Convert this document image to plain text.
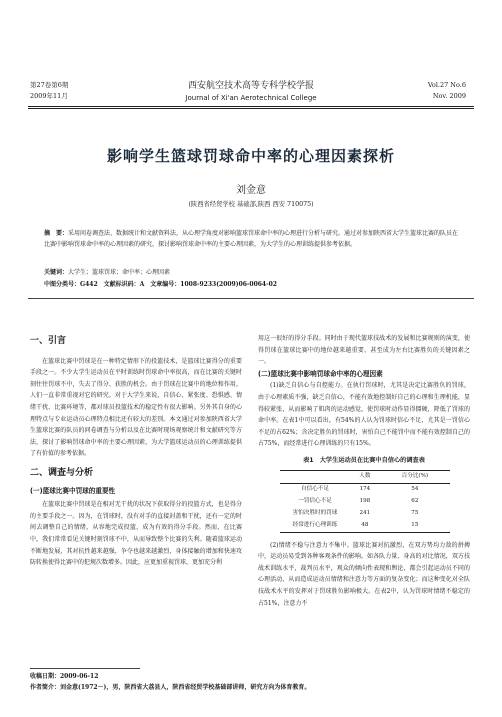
第27卷第6期
2009年11月
西安航空技术高等专科学校学报
Journal of Xi'an Aerotechnical College
Vol.27 No.6
Nov. 2009
影响学生篮球罚球命中率的心理因素探析
刘金意
(陕西省经贸学校 基础部,陕西 西安 710075)
摘　要：采用问卷调查法、数据统计和文献资料法，从心理学角度对影响篮球罚球命中率的心理进行分析与研究。通过对参加陕西省大学生篮球比赛的队员在比赛中影响罚球命中率的心理因素的研究，探讨影响罚球命中率的主要心理因素，为大学生的心理训练提供参考依据。
关键词：大学生；篮球罚球；命中率；心理因素
中图分类号：G442　文献标识码：A　文章编号：1008-9233(2009)06-0064-02
一、引言

在篮球比赛中罚球是在一种特定情形下的投篮技术，是篮球比赛得分的重要手段之一。不少大学生运动员在平时训练时罚球命中率很高，而在比赛的关键时刻往往罚球不中，失去了得分、获胜的机会。由于罚球在比赛中的地位和作用，人们一直非常重视对它的研究。对于大学生来说，自信心、紧张度、恐惧感、情绪干扰、比赛环境等，都对球员投篮技术的稳定性有很大影响。另外其自身的心理特点与专业运动员心理特点相比还有较大的差别。本文通过对参加陕西省大学生篮球比赛的队员的问卷调查与分析以及在比赛时现场观察统计和文献研究等方法，探讨了影响罚球命中率的主要心理因素，为大学篮球运动员的心理训练提供了有价值的参考依据。

二、调查与分析
(一)篮球比赛中罚球的重要性

在篮球比赛中罚球是在相对无干扰的状况下获取得分的投篮方式，也是得分的主要手段之一。因为，在罚球时，没有对手的直接封盖和干扰，还有一定的时间去调整自己的情绪，从容地完成投篮，成为有效的得分手段。然而，在比赛中，我们常常看见关键时刻罚球不中，从而导致整个比赛的失利。随着篮球运动不断地发展，其对抗性越来越强，争夺也越来越激烈，身体接触的增加和快速攻防转换使得比赛中的犯规次数增多。因此，应更加重视罚球，更加充分利

用这一很好的得分手段。同时由于现代篮球技战术的发展和比赛规则的演变，使得罚球在篮球比赛中的地位越来越重要，甚至成为左右比赛胜负的关键因素之一。

(二)篮球比赛中影响罚球命中率的心理因素

(1)缺乏自信心与自控能力。在执行罚球时，尤其是决定比赛胜负的罚球，由于心理素质不强，缺乏自信心，不能有效地控制好自己的心理和生理机能，显得较紧张，从而影响了肌肉的运动感觉，使罚球时动作显得僵硬，降低了罚球的命中率。在表1中可以看出，有54%的人认为罚球时信心不足，尤其是一罚信心不足的占62%；含决定胜负的罚球时，害怕自己不能罚中而不能有效控制自己的占75%，而经常进行心理训练的只有15%。

表1　大学生运动员在比赛中自信心的调查表
	人数	百分比(%)
自信心不足	174	54
一罚信心不足	198	62
害怕决胜时的罚球	241	75
经常进行心理训练	48	15

(2)情绪不稳与注意力不集中。篮球比赛对抗激烈，在双方势均力敌的拼搏中，运动员易受到各种客观条件的影响。如各队力量、身高的对比情况，双方技战术训练水平，裁判员水平，观众的倾向性表现和舆论，都会引起运动员不同的心理活动，从而造成运动员情绪和注意力等方面的复杂变化；而这种变化对全队技战术水平的发挥对于罚球胜负影响极大。在表2中，认为罚球时情绪不稳定的占51%，注意力不

收稿日期：2009-06-12
作者简介：刘金意(1972－)，男，陕西省大荔县人，陕西省经贸学校基础部讲师，研究方向为体育教育。
